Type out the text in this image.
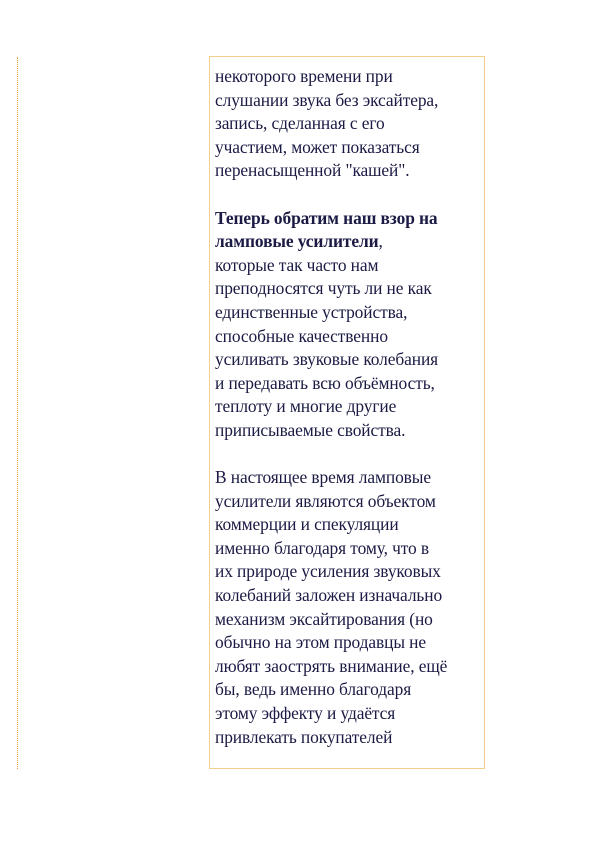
некоторого времени при
слушании звука без эксайтера,
запись, сделанная с его
участием, может показаться
перенасыщенной "кашей".

Теперь обратим наш взор на
ламповые усилители,
которые так часто нам
преподносятся чуть ли не как
единственные устройства,
способные качественно
усиливать звуковые колебания
и передавать всю объёмность,
теплоту и многие другие
приписываемые свойства.

В настоящее время ламповые
усилители являются объектом
коммерции и спекуляции
именно благодаря тому, что в
их природе усиления звуковых
колебаний заложен изначально
механизм эксайтирования (но
обычно на этом продавцы не
любят заострять внимание, ещё
бы, ведь именно благодаря
этому эффекту и удаётся
привлекать покупателей
